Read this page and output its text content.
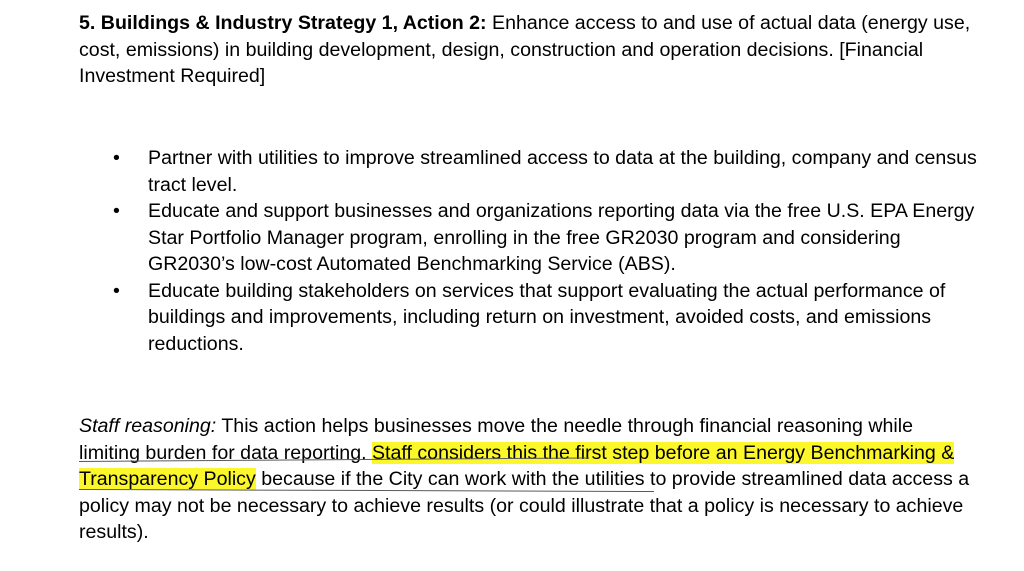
5. Buildings & Industry Strategy 1, Action 2: Enhance access to and use of actual data (energy use, cost, emissions) in building development, design, construction and operation decisions. [Financial Investment Required]

•	Partner with utilities to improve streamlined access to data at the building, company and census tract level.
•	Educate and support businesses and organizations reporting data via the free U.S. EPA Energy Star Portfolio Manager program, enrolling in the free GR2030 program and considering GR2030’s low-cost Automated Benchmarking Service (ABS).
•	Educate building stakeholders on services that support evaluating the actual performance of buildings and improvements, including return on investment, avoided costs, and emissions reductions.

Staff reasoning: This action helps businesses move the needle through financial reasoning while limiting burden for data reporting. Staff considers this the first step before an Energy Benchmarking & Transparency Policy because if the City can work with the utilities to provide streamlined data access a policy may not be necessary to achieve results (or could illustrate that a policy is necessary to achieve results).
